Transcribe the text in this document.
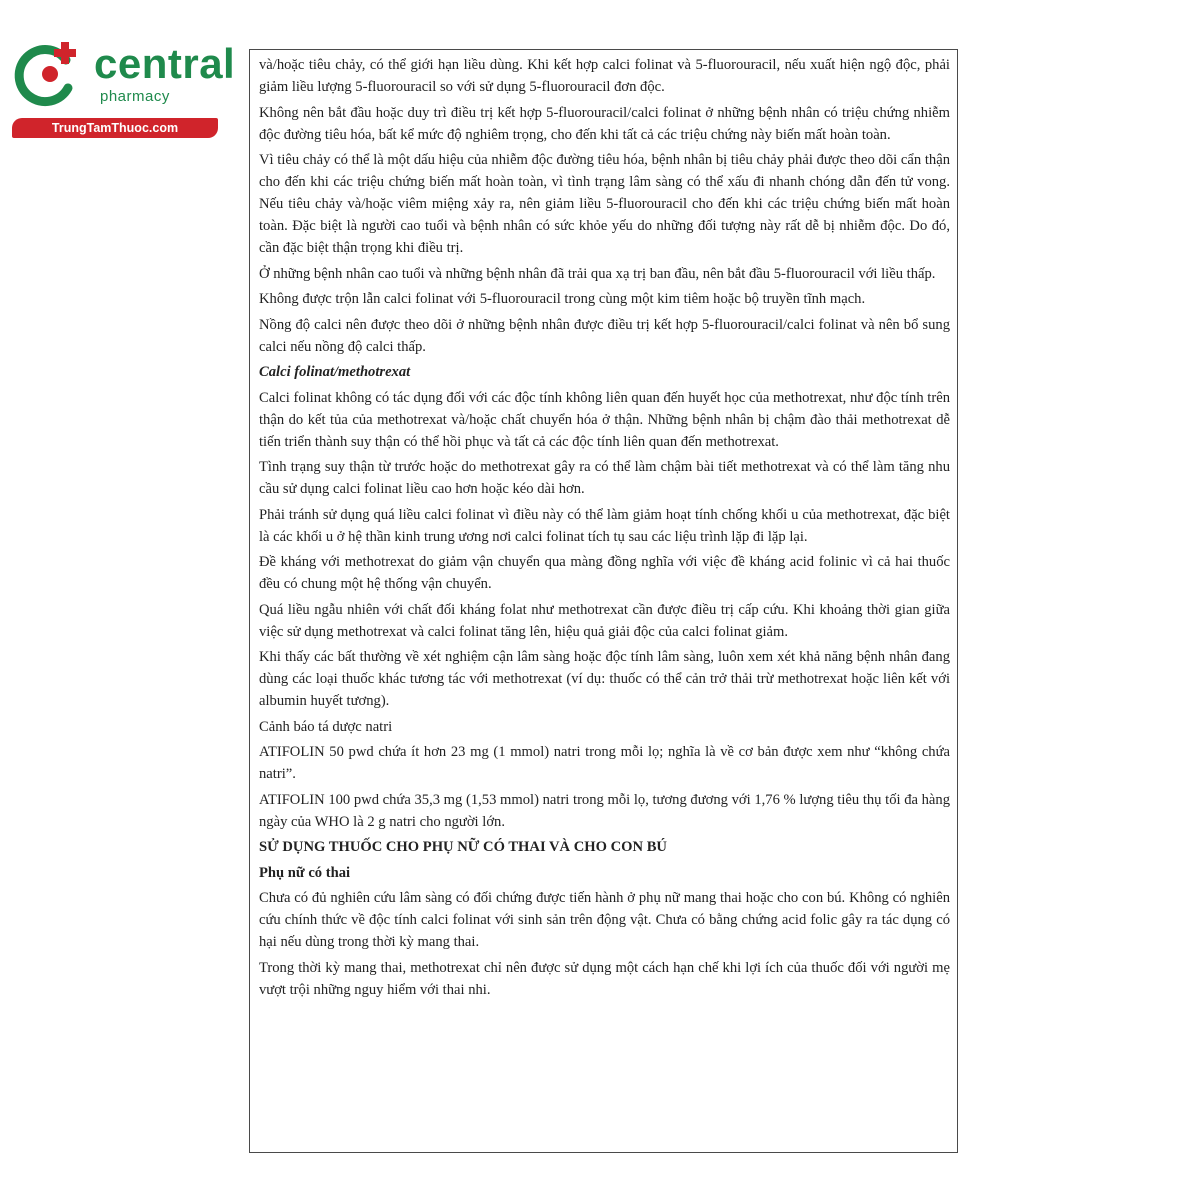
central
pharmacy
TrungTamThuoc.com

và/hoặc tiêu chảy, có thể giới hạn liều dùng. Khi kết hợp calci folinat và 5-fluorouracil, nếu xuất hiện ngộ độc, phải giảm liều lượng 5-fluorouracil so với sử dụng 5-fluorouracil đơn độc.

Không nên bắt đầu hoặc duy trì điều trị kết hợp 5-fluorouracil/calci folinat ở những bệnh nhân có triệu chứng nhiễm độc đường tiêu hóa, bất kể mức độ nghiêm trọng, cho đến khi tất cả các triệu chứng này biến mất hoàn toàn.

Vì tiêu chảy có thể là một dấu hiệu của nhiễm độc đường tiêu hóa, bệnh nhân bị tiêu chảy phải được theo dõi cẩn thận cho đến khi các triệu chứng biến mất hoàn toàn, vì tình trạng lâm sàng có thể xấu đi nhanh chóng dẫn đến tử vong. Nếu tiêu chảy và/hoặc viêm miệng xảy ra, nên giảm liều 5-fluorouracil cho đến khi các triệu chứng biến mất hoàn toàn. Đặc biệt là người cao tuổi và bệnh nhân có sức khỏe yếu do những đối tượng này rất dễ bị nhiễm độc. Do đó, cần đặc biệt thận trọng khi điều trị.

Ở những bệnh nhân cao tuổi và những bệnh nhân đã trải qua xạ trị ban đầu, nên bắt đầu 5-fluorouracil với liều thấp.

Không được trộn lẫn calci folinat với 5-fluorouracil trong cùng một kim tiêm hoặc bộ truyền tĩnh mạch.

Nồng độ calci nên được theo dõi ở những bệnh nhân được điều trị kết hợp 5-fluorouracil/calci folinat và nên bổ sung calci nếu nồng độ calci thấp.

Calci folinat/methotrexat

Calci folinat không có tác dụng đối với các độc tính không liên quan đến huyết học của methotrexat, như độc tính trên thận do kết tủa của methotrexat và/hoặc chất chuyển hóa ở thận. Những bệnh nhân bị chậm đào thải methotrexat dễ tiến triển thành suy thận có thể hồi phục và tất cả các độc tính liên quan đến methotrexat.

Tình trạng suy thận từ trước hoặc do methotrexat gây ra có thể làm chậm bài tiết methotrexat và có thể làm tăng nhu cầu sử dụng calci folinat liều cao hơn hoặc kéo dài hơn.

Phải tránh sử dụng quá liều calci folinat vì điều này có thể làm giảm hoạt tính chống khối u của methotrexat, đặc biệt là các khối u ở hệ thần kinh trung ương nơi calci folinat tích tụ sau các liệu trình lặp đi lặp lại.

Đề kháng với methotrexat do giảm vận chuyển qua màng đồng nghĩa với việc đề kháng acid folinic vì cả hai thuốc đều có chung một hệ thống vận chuyển.

Quá liều ngẫu nhiên với chất đối kháng folat như methotrexat cần được điều trị cấp cứu. Khi khoảng thời gian giữa việc sử dụng methotrexat và calci folinat tăng lên, hiệu quả giải độc của calci folinat giảm.

Khi thấy các bất thường về xét nghiệm cận lâm sàng hoặc độc tính lâm sàng, luôn xem xét khả năng bệnh nhân đang dùng các loại thuốc khác tương tác với methotrexat (ví dụ: thuốc có thể cản trở thải trừ methotrexat hoặc liên kết với albumin huyết tương).

Cảnh báo tá dược natri

ATIFOLIN 50 pwd chứa ít hơn 23 mg (1 mmol) natri trong mỗi lọ; nghĩa là về cơ bản được xem như “không chứa natri”.

ATIFOLIN 100 pwd chứa 35,3 mg (1,53 mmol) natri trong mỗi lọ, tương đương với 1,76 % lượng tiêu thụ tối đa hàng ngày của WHO là 2 g natri cho người lớn.

SỬ DỤNG THUỐC CHO PHỤ NỮ CÓ THAI VÀ CHO CON BÚ

Phụ nữ có thai

Chưa có đủ nghiên cứu lâm sàng có đối chứng được tiến hành ở phụ nữ mang thai hoặc cho con bú. Không có nghiên cứu chính thức về độc tính calci folinat với sinh sản trên động vật. Chưa có bằng chứng acid folic gây ra tác dụng có hại nếu dùng trong thời kỳ mang thai.

Trong thời kỳ mang thai, methotrexat chỉ nên được sử dụng một cách hạn chế khi lợi ích của thuốc đối với người mẹ vượt trội những nguy hiểm với thai nhi.
